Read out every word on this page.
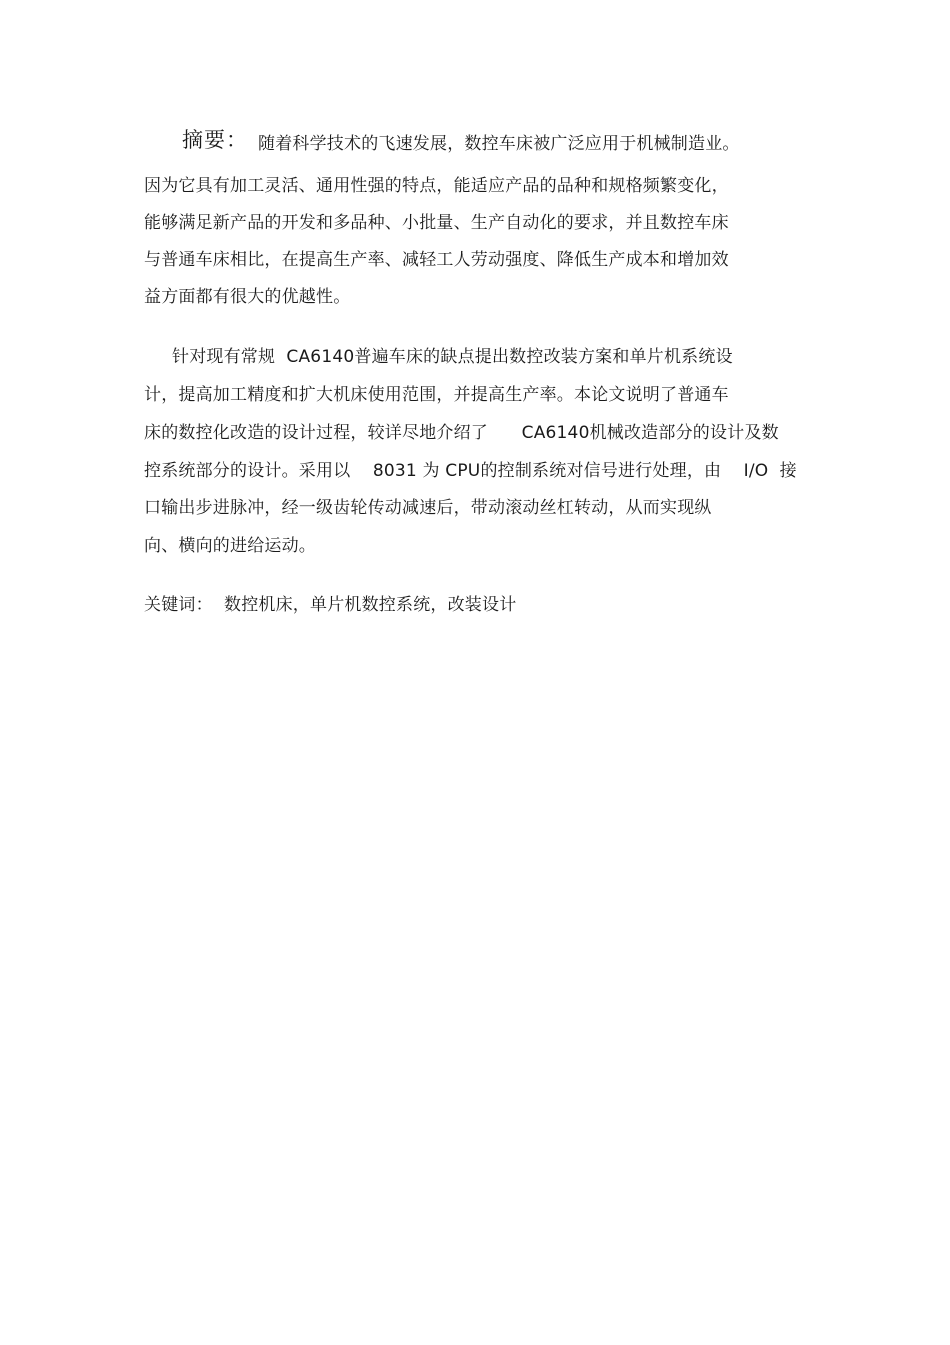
摘要： 随着科学技术的飞速发展，数控车床被广泛应用于机械制造业。
因为它具有加工灵活、通用性强的特点，能适应产品的品种和规格频繁变化，
能够满足新产品的开发和多品种、小批量、生产自动化的要求，并且数控车床
与普通车床相比，在提高生产率、减轻工人劳动强度、降低生产成本和增加效
益方面都有很大的优越性。
针对现有常规  CA6140普遍车床的缺点提出数控改装方案和单片机系统设
计，提高加工精度和扩大机床使用范围，并提高生产率。本论文说明了普通车
床的数控化改造的设计过程，较详尽地介绍了      CA6140机械改造部分的设计及数
控系统部分的设计。采用以    8031 为 CPU的控制系统对信号进行处理，由    I/O  接
口输出步进脉冲，经一级齿轮传动减速后，带动滚动丝杠转动，从而实现纵
向、横向的进给运动。
关键词：  数控机床，单片机数控系统，改装设计
